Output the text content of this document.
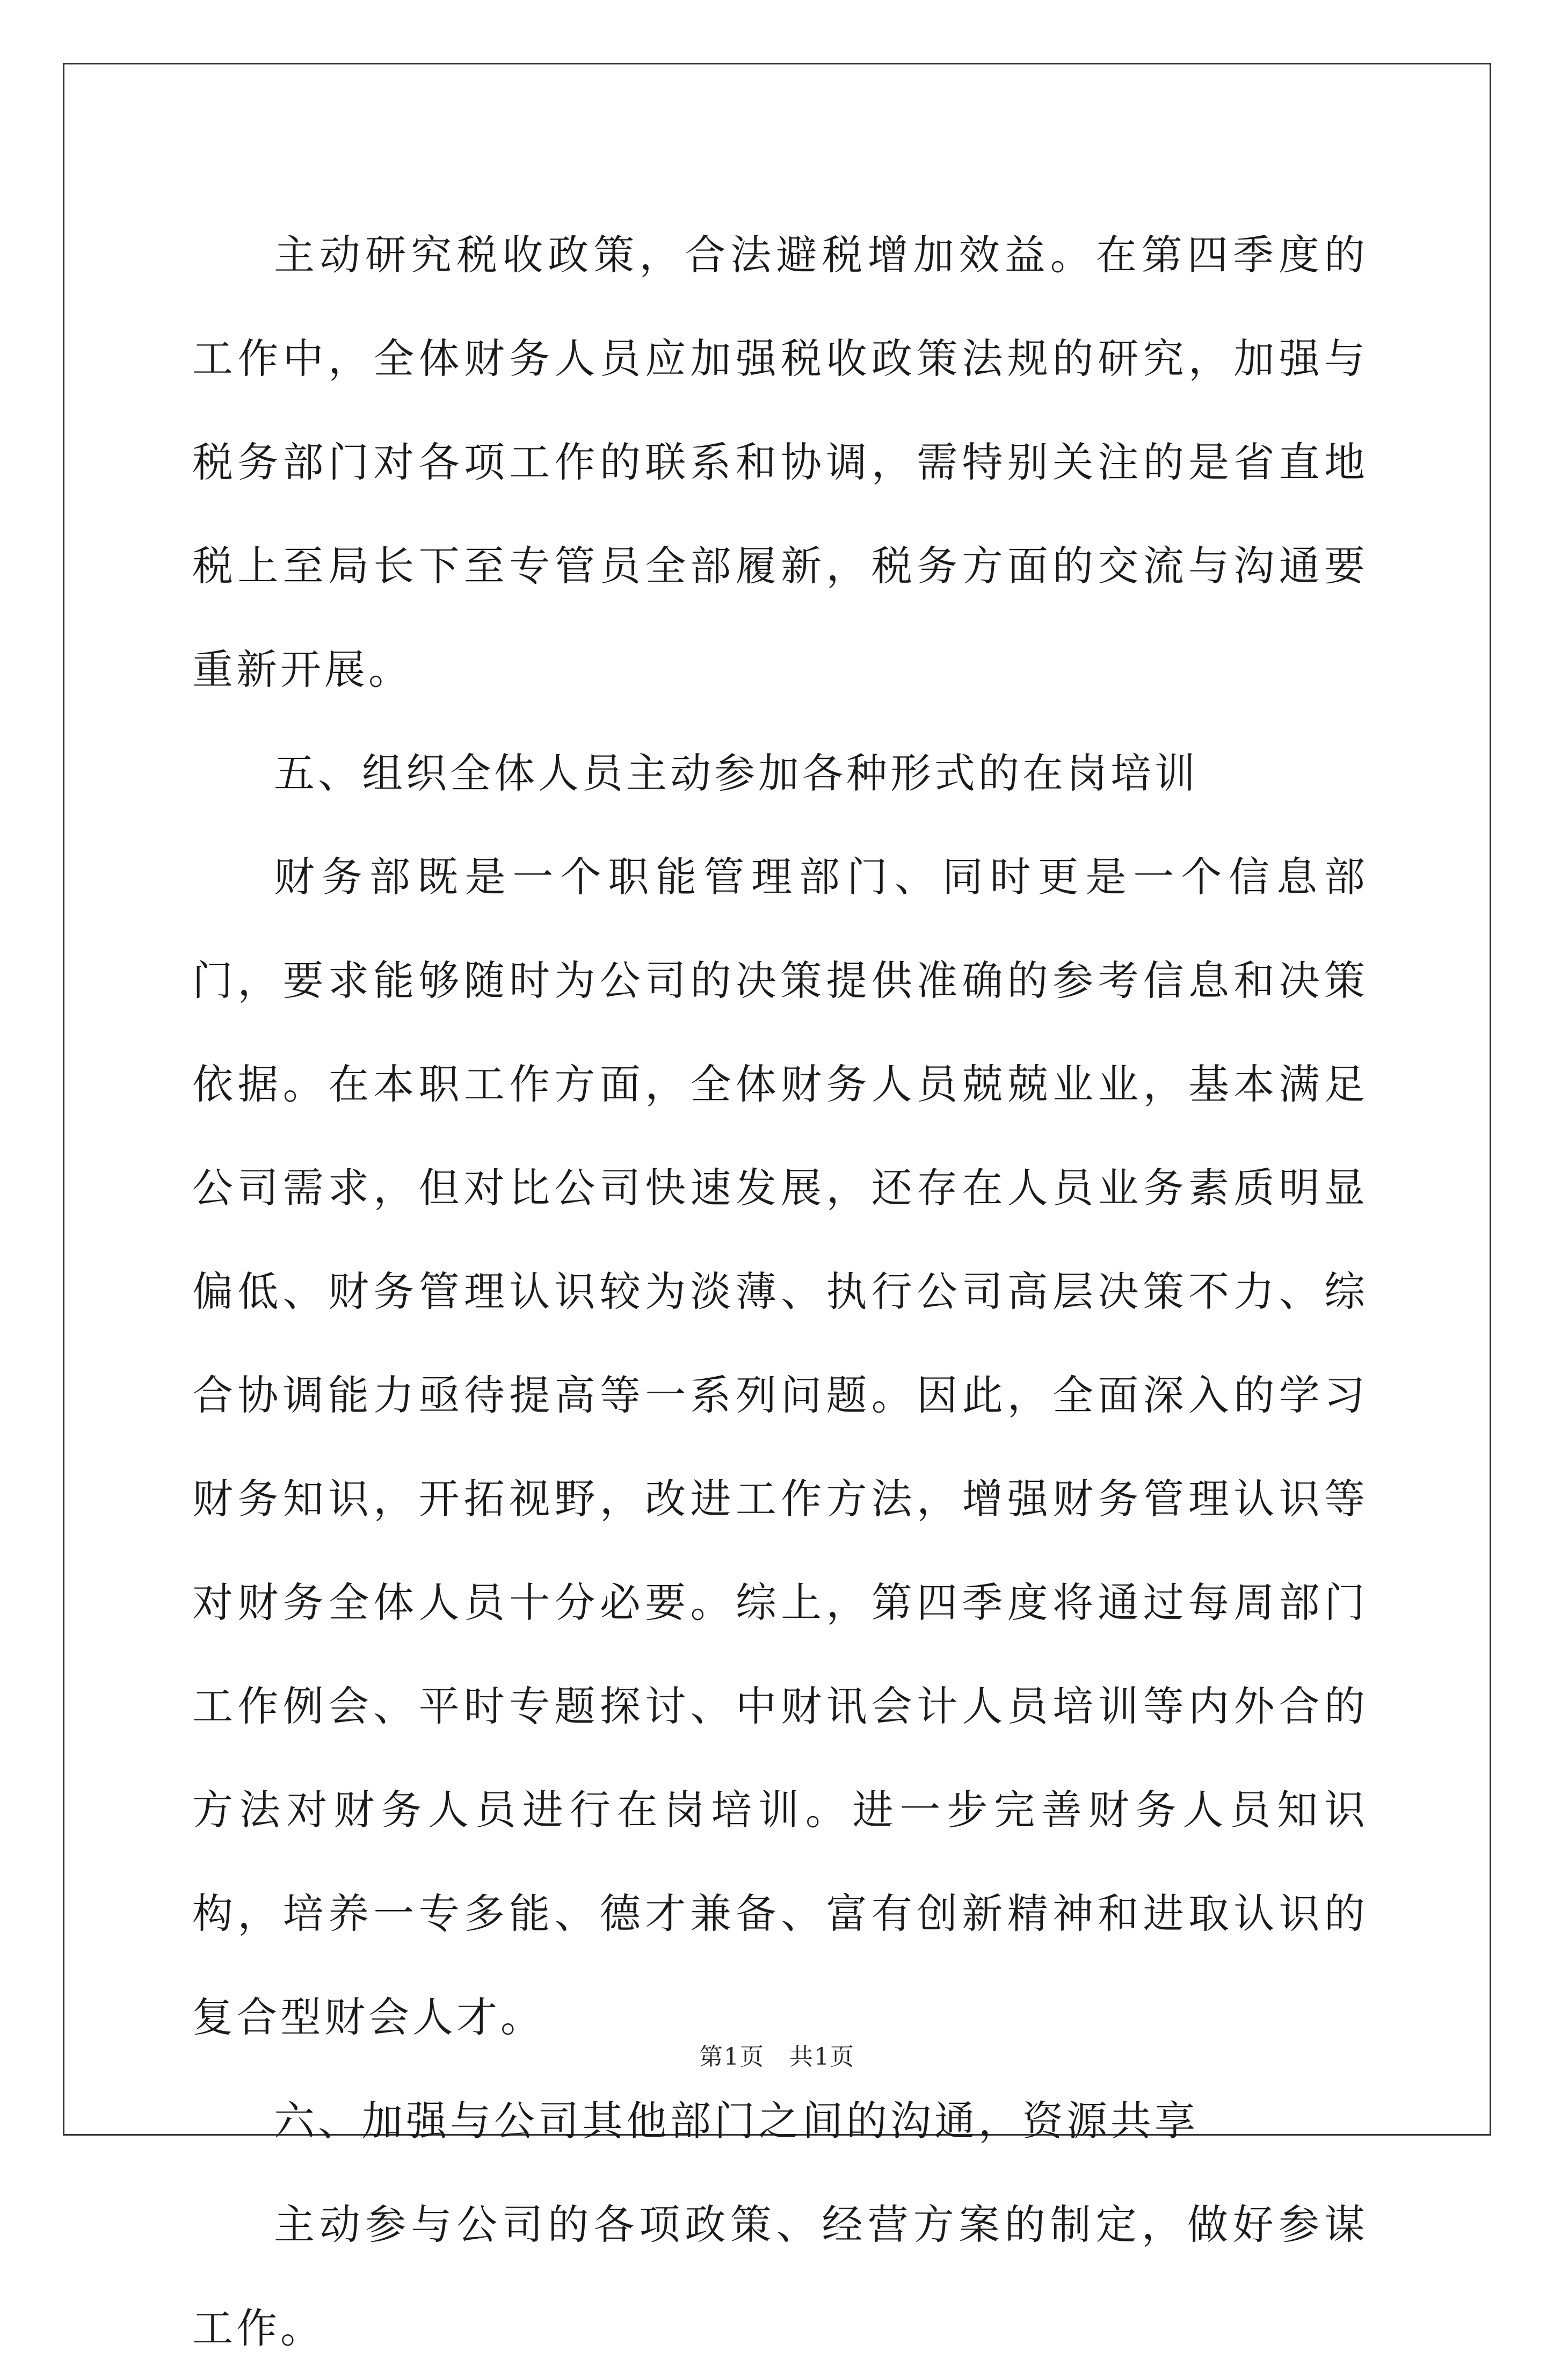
主动研究税收政策，合法避税增加效益。在第四季度的工作中，全体财务人员应加强税收政策法规的研究，加强与税务部门对各项工作的联系和协调，需特别关注的是省直地税上至局长下至专管员全部履新，税务方面的交流与沟通要重新开展。

五、组织全体人员主动参加各种形式的在岗培训

财务部既是一个职能管理部门、同时更是一个信息部门，要求能够随时为公司的决策提供准确的参考信息和决策依据。在本职工作方面，全体财务人员兢兢业业，基本满足公司需求，但对比公司快速发展，还存在人员业务素质明显偏低、财务管理认识较为淡薄、执行公司高层决策不力、综合协调能力亟待提高等一系列问题。因此，全面深入的学习财务知识，开拓视野，改进工作方法，增强财务管理认识等对财务全体人员十分必要。综上，第四季度将通过每周部门工作例会、平时专题探讨、中财讯会计人员培训等内外合的方法对财务人员进行在岗培训。进一步完善财务人员知识构，培养一专多能、德才兼备、富有创新精神和进取认识的复合型财会人才。

六、加强与公司其他部门之间的沟通，资源共享

主动参与公司的各项政策、经营方案的制定，做好参谋工作。

第1页 共1页
